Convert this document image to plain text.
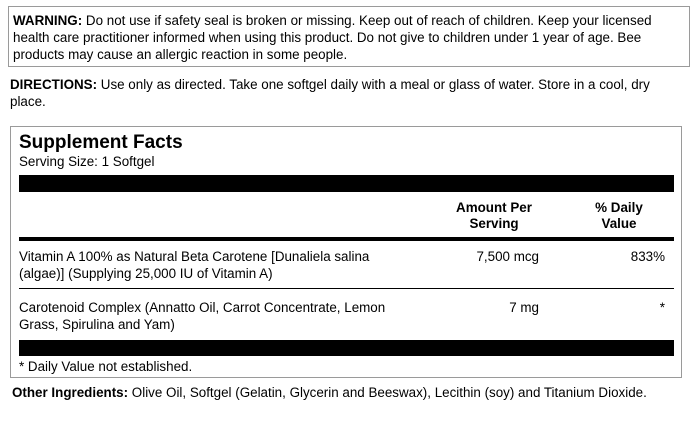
WARNING: Do not use if safety seal is broken or missing. Keep out of reach of children. Keep your licensed health care practitioner informed when using this product. Do not give to children under 1 year of age. Bee products may cause an allergic reaction in some people.
DIRECTIONS: Use only as directed. Take one softgel daily with a meal or glass of water. Store in a cool, dry place.
Supplement Facts
Serving Size: 1 Softgel
Amount Per
Serving
% Daily
Value
Vitamin A 100% as Natural Beta Carotene [Dunaliela salina
(algae)] (Supplying 25,000 IU of Vitamin A)
7,500 mcg	833%
Carotenoid Complex (Annatto Oil, Carrot Concentrate, Lemon
Grass, Spirulina and Yam)
7 mg	*
* Daily Value not established.
Other Ingredients: Olive Oil, Softgel (Gelatin, Glycerin and Beeswax), Lecithin (soy) and Titanium Dioxide.
